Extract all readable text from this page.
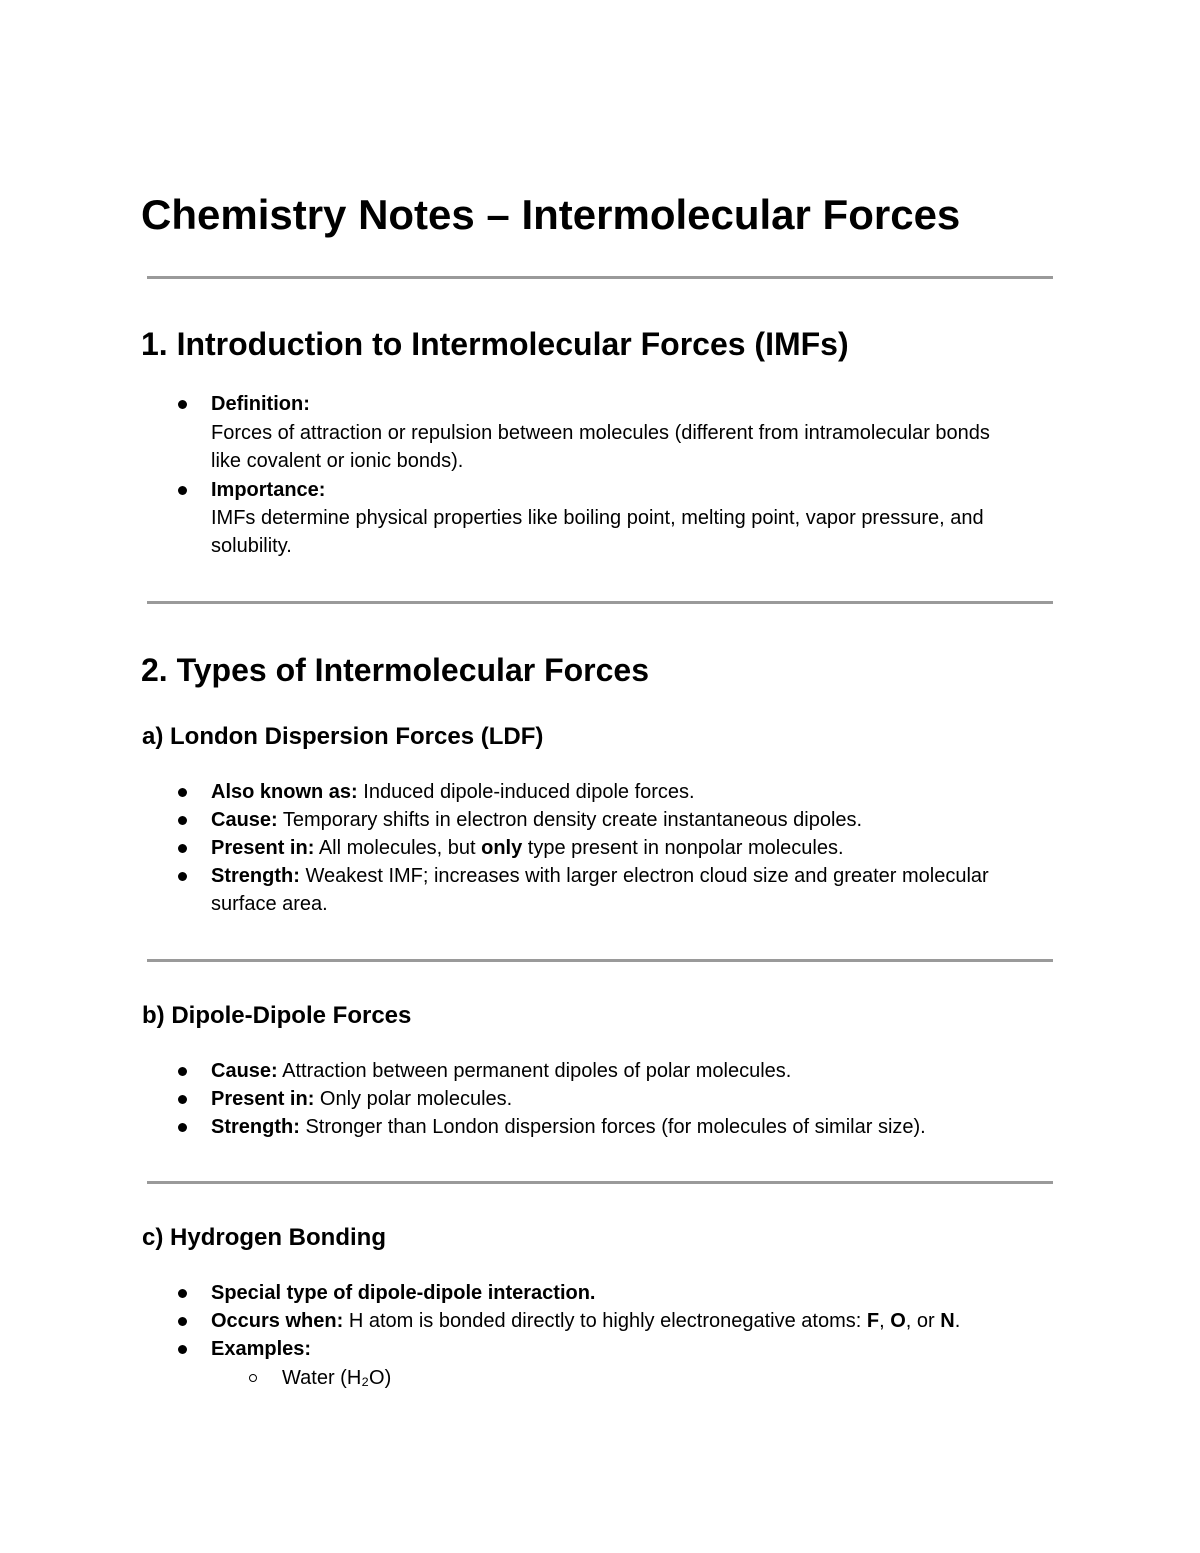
Chemistry Notes – Intermolecular Forces
1. Introduction to Intermolecular Forces (IMFs)
Definition:
Forces of attraction or repulsion between molecules (different from intramolecular bonds
like covalent or ionic bonds).
Importance:
IMFs determine physical properties like boiling point, melting point, vapor pressure, and
solubility.
2. Types of Intermolecular Forces
a) London Dispersion Forces (LDF)
Also known as: Induced dipole-induced dipole forces.
Cause: Temporary shifts in electron density create instantaneous dipoles.
Present in: All molecules, but only type present in nonpolar molecules.
Strength: Weakest IMF; increases with larger electron cloud size and greater molecular
surface area.
b) Dipole-Dipole Forces
Cause: Attraction between permanent dipoles of polar molecules.
Present in: Only polar molecules.
Strength: Stronger than London dispersion forces (for molecules of similar size).
c) Hydrogen Bonding
Special type of dipole-dipole interaction.
Occurs when: H atom is bonded directly to highly electronegative atoms: F, O, or N.
Examples:
Water (H₂O)
